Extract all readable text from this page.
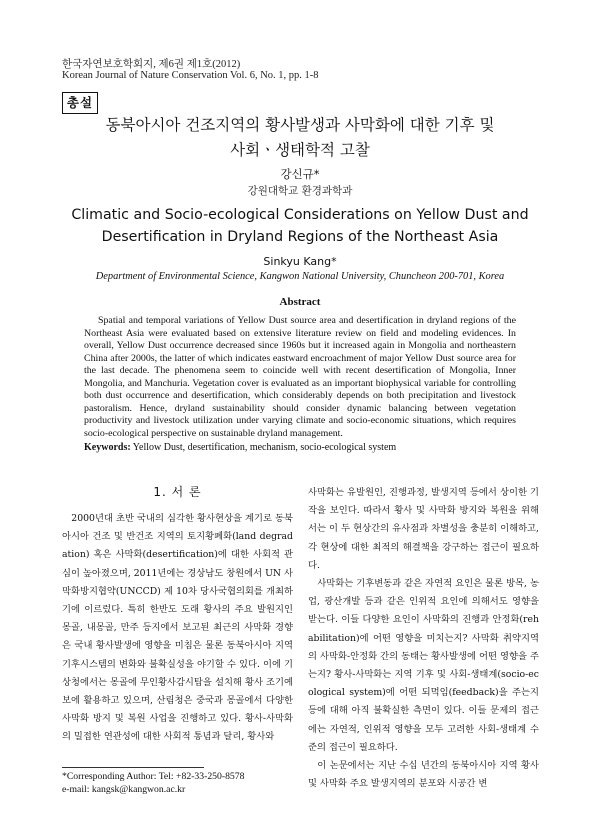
한국자연보호학회지, 제6권 제1호(2012)
Korean Journal of Nature Conservation Vol. 6, No. 1, pp. 1-8
총설
동북아시아 건조지역의 황사발생과 사막화에 대한 기후 및
사회ㆍ생태학적 고찰
강신규*
강원대학교 환경과학과
Climatic and Socio-ecological Considerations on Yellow Dust and
Desertification in Dryland Regions of the Northeast Asia
Sinkyu Kang*
Department of Environmental Science, Kangwon National University, Chuncheon 200-701, Korea
Abstract

Spatial and temporal variations of Yellow Dust source area and desertification in dryland regions of the Northeast Asia were evaluated based on extensive literature review on field and modeling evidences. In overall, Yellow Dust occurrence decreased since 1960s but it increased again in Mongolia and northeastern China after 2000s, the latter of which indicates eastward encroachment of major Yellow Dust source area for the last decade. The phenomena seem to coincide well with recent desertification of Mongolia, Inner Mongolia, and Manchuria. Vegetation cover is evaluated as an important biophysical variable for controlling both dust occurrence and desertification, which considerably depends on both precipitation and livestock pastoralism. Hence, dryland sustainability should consider dynamic balancing between vegetation productivity and livestock utilization under varying climate and socio-economic situations, which requires socio-ecological perspective on sustainable dryland management.

Keywords: Yellow Dust, desertification, mechanism, socio-ecological system
1. 서 론

2000년대 초반 국내의 심각한 황사현상을 계기로 동북아시아 건조 및 반건조 지역의 토지황폐화(land degradation) 혹은 사막화(desertification)에 대한 사회적 관심이 높아졌으며, 2011년에는 경상남도 창원에서 UN 사막화방지협약(UNCCD) 제 10차 당사국협의회를 개최하기에 이르렀다. 특히 한반도 도래 황사의 주요 발원지인 몽골, 내몽골, 만주 등지에서 보고된 최근의 사막화 경향은 국내 황사발생에 영향을 미침은 물론 동북아시아 지역 기후시스템의 변화와 불확실성을 야기할 수 있다. 이에 기상청에서는 몽골에 무인황사감시탑을 설치해 황사 조기예보에 활용하고 있으며, 산림청은 중국과 몽골에서 다양한 사막화 방지 및 복원 사업을 진행하고 있다. 황사-사막화의 밀접한 연관성에 대한 사회적 통념과 달리, 황사와

사막화는 유발원인, 진행과정, 발생지역 등에서 상이한 기작을 보인다. 따라서 황사 및 사막화 방지와 복원을 위해서는 이 두 현상간의 유사점과 차별성을 충분히 이해하고, 각 현상에 대한 최적의 해결책을 강구하는 접근이 필요하다.

사막화는 기후변동과 같은 자연적 요인은 물론 방목, 농업, 광산개발 등과 같은 인위적 요인에 의해서도 영향을 받는다. 이들 다양한 요인이 사막화의 진행과 안정화(rehabilitation)에 어떤 영향을 미치는지? 사막화 취약지역의 사막화-안정화 간의 동태는 황사발생에 어떤 영향을 주는지? 황사-사막화는 지역 기후 및 사회-생태계(socio-ecological system)에 어떤 되먹임(feedback)을 주는지 등에 대해 아직 불확실한 측면이 있다. 이들 문제의 접근에는 자연적, 인위적 영향을 모두 고려한 사회-생태계 수준의 접근이 필요하다.

이 논문에서는 지난 수십 년간의 동북아시아 지역 황사 및 사막화 주요 발생지역의 분포와 시공간 변

*Corresponding Author: Tel: +82-33-250-8578
e-mail: kangsk@kangwon.ac.kr
